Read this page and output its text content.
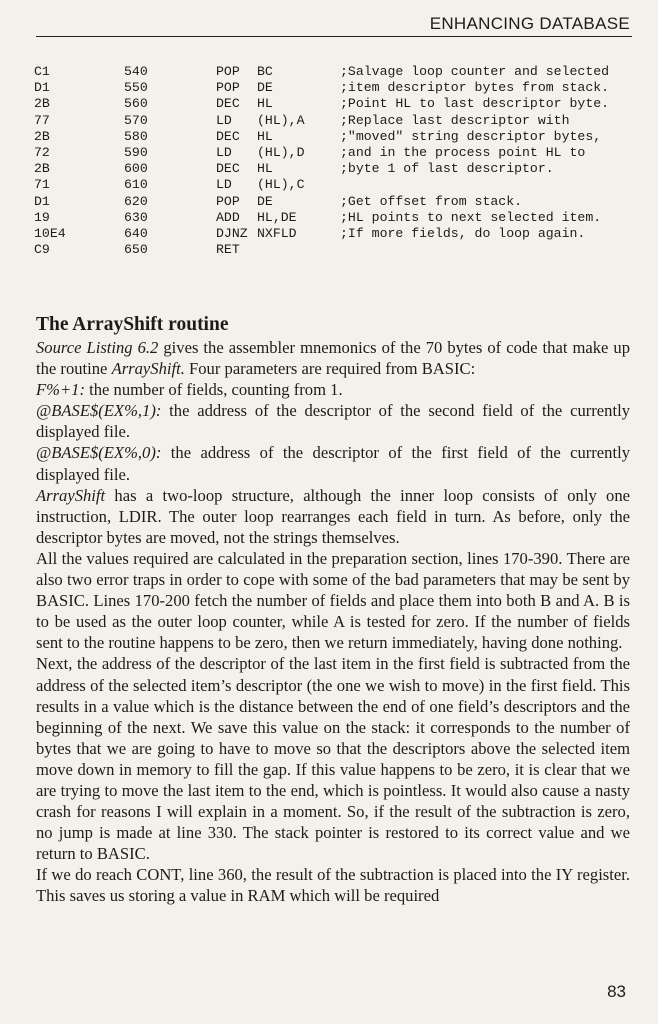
ENHANCING DATABASE
C1	540	POP BC	;Salvage loop counter and selected
D1	550	POP DE	;item descriptor bytes from stack.
2B	560	DEC HL	;Point HL to last descriptor byte.
77	570	LD (HL),A	;Replace last descriptor with
2B	580	DEC HL	;"moved" string descriptor bytes,
72	590	LD (HL),D	;and in the process point HL to
2B	600	DEC HL	;byte 1 of last descriptor.
71	610	LD (HL),C
D1	620	POP DE	;Get offset from stack.
19	630	ADD HL,DE	;HL points to next selected item.
10E4	640	DJNZ NXFLD	;If more fields, do loop again.
C9	650	RET
The ArrayShift routine

Source Listing 6.2 gives the assembler mnemonics of the 70 bytes of code that make up the routine ArrayShift. Four parameters are required from BASIC:

F%+1: the number of fields, counting from 1.

@BASE$(EX%,1): the address of the descriptor of the second field of the currently displayed file.

@BASE$(EX%,0): the address of the descriptor of the first field of the currently displayed file.

ArrayShift has a two-loop structure, although the inner loop consists of only one instruction, LDIR. The outer loop rearranges each field in turn. As before, only the descriptor bytes are moved, not the strings themselves.

All the values required are calculated in the preparation section, lines 170-390. There are also two error traps in order to cope with some of the bad parameters that may be sent by BASIC. Lines 170-200 fetch the number of fields and place them into both B and A. B is to be used as the outer loop counter, while A is tested for zero. If the number of fields sent to the routine happens to be zero, then we return immediately, having done nothing.

Next, the address of the descriptor of the last item in the first field is subtracted from the address of the selected item’s descriptor (the one we wish to move) in the first field. This results in a value which is the distance between the end of one field’s descriptors and the beginning of the next. We save this value on the stack: it corresponds to the number of bytes that we are going to have to move so that the descriptors above the selected item move down in memory to fill the gap. If this value happens to be zero, it is clear that we are trying to move the last item to the end, which is pointless. It would also cause a nasty crash for reasons I will explain in a moment. So, if the result of the subtraction is zero, no jump is made at line 330. The stack pointer is restored to its correct value and we return to BASIC.

If we do reach CONT, line 360, the result of the subtraction is placed into the IY register. This saves us storing a value in RAM which will be required

83
